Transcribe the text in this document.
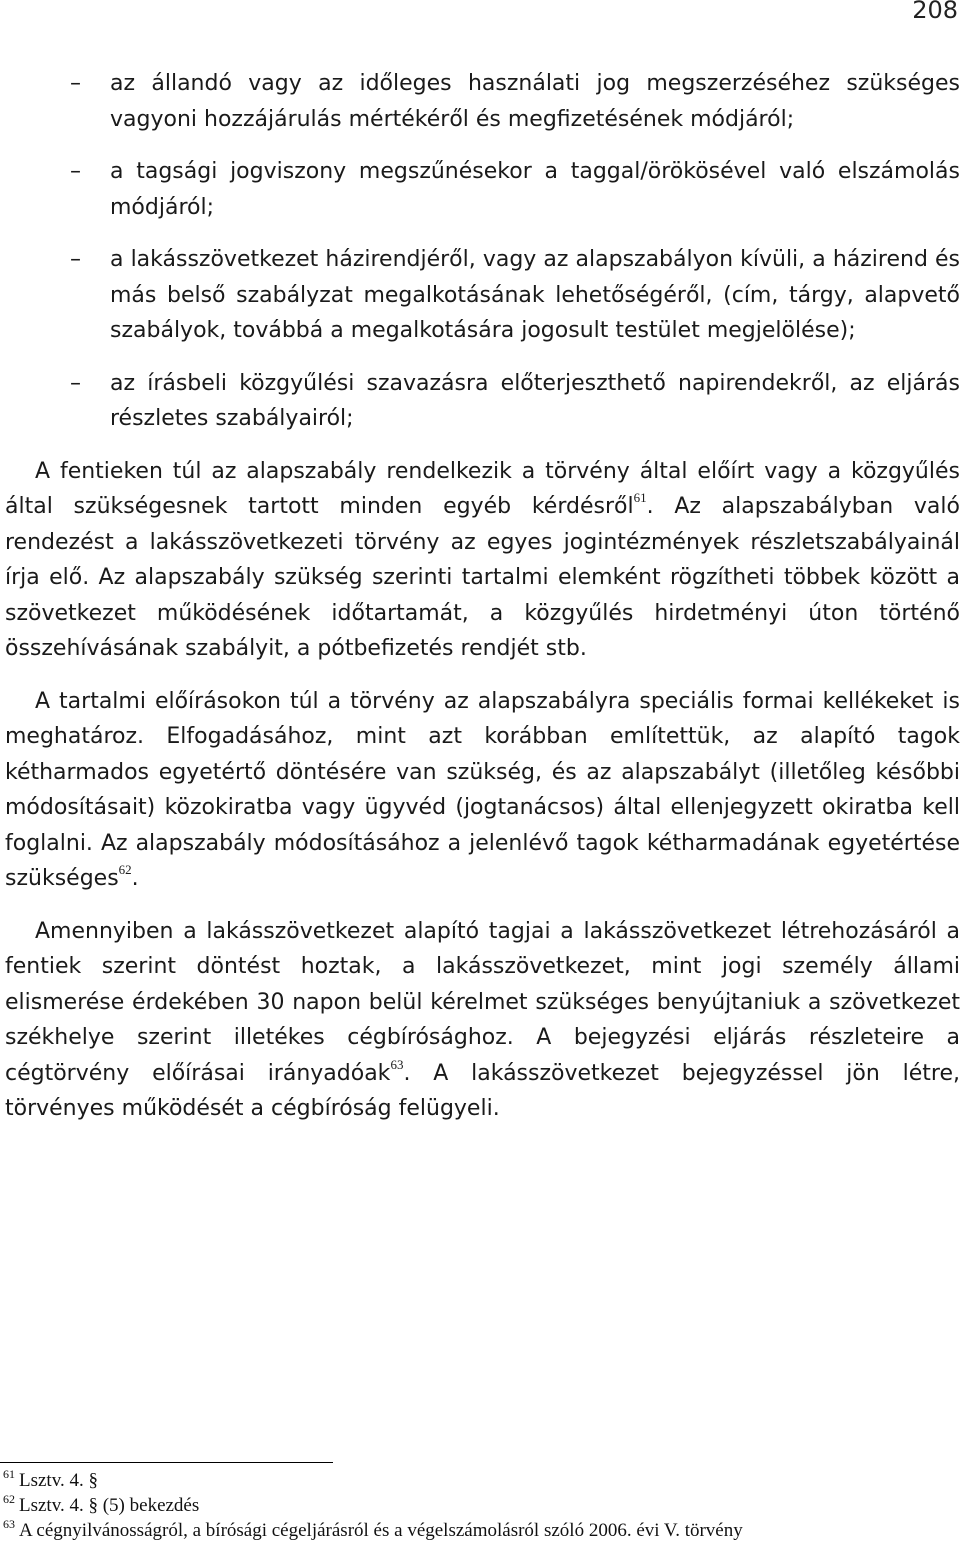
208
– az állandó vagy az időleges használati jog megszerzéséhez szükséges vagyoni hozzájárulás mértékéről és megfizetésének módjáról;
– a tagsági jogviszony megszűnésekor a taggal/örökösével való elszámolás módjáról;
– a lakásszövetkezet házirendjéről, vagy az alapszabályon kívüli, a házirend és más belső szabályzat megalkotásának lehetőségéről, (cím, tárgy, alapvető szabályok, továbbá a megalkotására jogosult testület megjelölése);
– az írásbeli közgyűlési szavazásra előterjeszthető napirendekről, az eljárás részletes szabályairól;

A fentieken túl az alapszabály rendelkezik a törvény által előírt vagy a közgyűlés által szükségesnek tartott minden egyéb kérdésről$^{61}$. Az alapszabályban való rendezést a lakásszövetkezeti törvény az egyes jogintézmények részletszabályainál írja elő. Az alapszabály szükség szerinti tartalmi elemként rögzítheti többek között a szövetkezet működésének időtartamát, a közgyűlés hirdetményi úton történő összehívásának szabályit, a pótbefizetés rendjét stb.

A tartalmi előírásokon túl a törvény az alapszabályra speciális formai kellékeket is meghatároz. Elfogadásához, mint azt korábban említettük, az alapító tagok kétharmados egyetértő döntésére van szükség, és az alapszabályt (illetőleg későbbi módosításait) közokiratba vagy ügyvéd (jogtanácsos) által ellenjegyzett okiratba kell foglalni. Az alapszabály módosításához a jelenlévő tagok kétharmadának egyetértése szükséges$^{62}$.

Amennyiben a lakásszövetkezet alapító tagjai a lakásszövetkezet létrehozásáról a fentiek szerint döntést hoztak, a lakásszövetkezet, mint jogi személy állami elismerése érdekében 30 napon belül kérelmet szükséges benyújtaniuk a szövetkezet székhelye szerint illetékes cégbírósághoz. A bejegyzési eljárás részleteire a cégtörvény előírásai irányadóak$^{63}$. A lakásszövetkezet bejegyzéssel jön létre, törvényes működését a cégbíróság felügyeli.

$^{61}$ Lsztv. 4. §
$^{62}$ Lsztv. 4. § (5) bekezdés
$^{63}$ A cégnyilvánosságról, a bírósági cégeljárásról és a végelszámolásról szóló 2006. évi V. törvény
